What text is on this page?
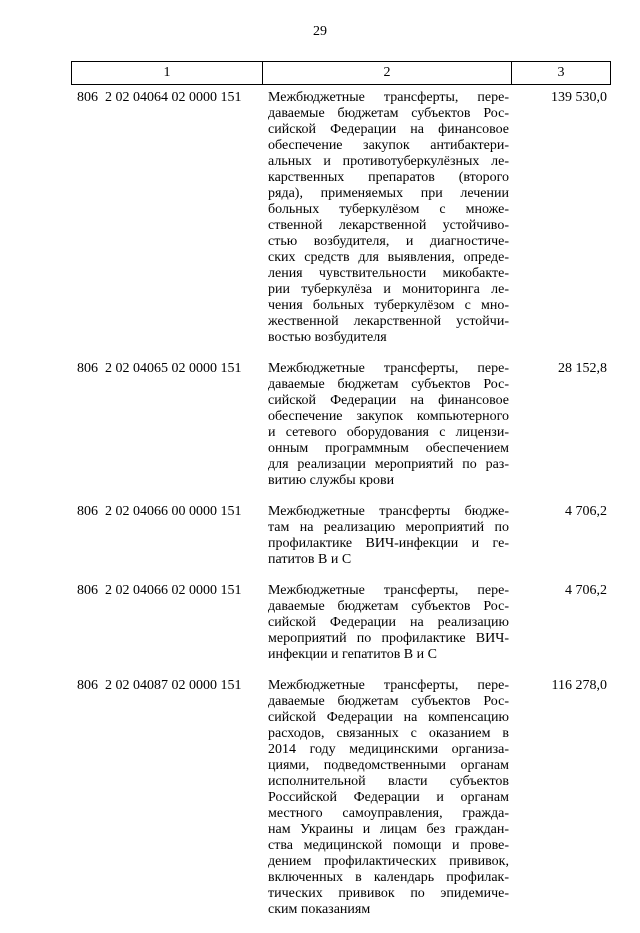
29
1	2	3
806  2 02 04064 02 0000 151	Межбюджетные трансферты, пере-
даваемые бюджетам субъектов Рос-
сийской Федерации на финансовое
обеспечение закупок антибактери-
альных и противотуберкулёзных ле-
карственных препаратов (второго
ряда), применяемых при лечении
больных туберкулёзом с множе-
ственной лекарственной устойчиво-
стью возбудителя, и диагностиче-
ских средств для выявления, опреде-
ления чувствительности микобакте-
рии туберкулёза и мониторинга ле-
чения больных туберкулёзом с мно-
жественной лекарственной устойчи-
востью возбудителя
139 530,0
806  2 02 04065 02 0000 151	Межбюджетные трансферты, пере-
даваемые бюджетам субъектов Рос-
сийской Федерации на финансовое
обеспечение закупок компьютерного
и сетевого оборудования с лицензи-
онным программным обеспечением
для реализации мероприятий по раз-
витию службы крови
28 152,8
806  2 02 04066 00 0000 151	Межбюджетные трансферты бюдже-
там на реализацию мероприятий по
профилактике ВИЧ-инфекции и ге-
патитов В и С
4 706,2
806  2 02 04066 02 0000 151	Межбюджетные трансферты, пере-
даваемые бюджетам субъектов Рос-
сийской Федерации на реализацию
мероприятий по профилактике ВИЧ-
инфекции и гепатитов В и С
4 706,2
806  2 02 04087 02 0000 151	Межбюджетные трансферты, пере-
даваемые бюджетам субъектов Рос-
сийской Федерации на компенсацию
расходов, связанных с оказанием в
2014 году медицинскими организа-
циями, подведомственными органам
исполнительной власти субъектов
Российской Федерации и органам
местного самоуправления, гражда-
нам Украины и лицам без граждан-
ства медицинской помощи и прове-
дением профилактических прививок,
включенных в календарь профилак-
тических прививок по эпидемиче-
ским показаниям
116 278,0
